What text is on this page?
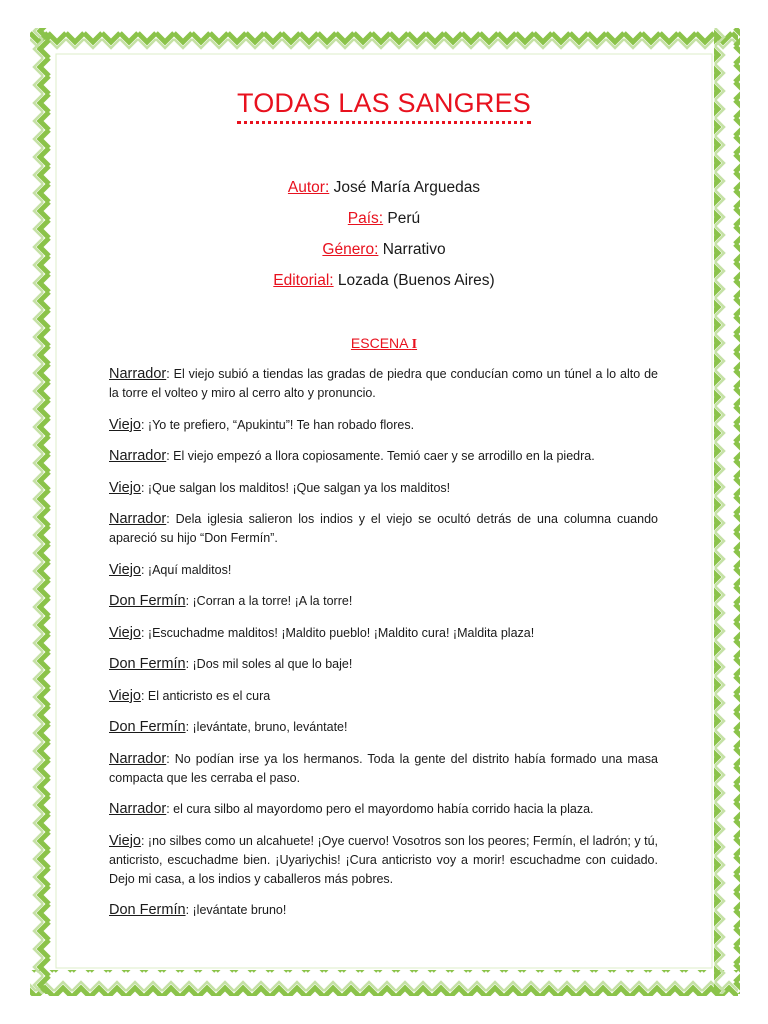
TODAS LAS SANGRES
Autor: José María Arguedas
País: Perú
Género: Narrativo
Editorial: Lozada (Buenos Aires)
ESCENA I

Narrador: El viejo subió a tiendas las gradas de piedra que conducían como un túnel a lo alto de la torre el volteo y miro al cerro alto y pronuncio.

Viejo: ¡Yo te prefiero, “Apukintu”! Te han robado flores.

Narrador: El viejo empezó a llora copiosamente. Temió caer y se arrodillo en la piedra.

Viejo: ¡Que salgan los malditos! ¡Que salgan ya los malditos!

Narrador: Dela iglesia salieron los indios y el viejo se ocultó detrás de una columna cuando apareció su hijo “Don Fermín”.

Viejo: ¡Aquí malditos!

Don Fermín: ¡Corran a la torre! ¡A la torre!

Viejo: ¡Escuchadme malditos! ¡Maldito pueblo! ¡Maldito cura! ¡Maldita plaza!

Don Fermín: ¡Dos mil soles al que lo baje!

Viejo: El anticristo es el cura

Don Fermín: ¡levántate, bruno, levántate!

Narrador: No podían irse ya los hermanos. Toda la gente del distrito había formado una masa compacta que les cerraba el paso.

Narrador: el cura silbo al mayordomo pero el mayordomo había corrido hacia la plaza.

Viejo: ¡no silbes como un alcahuete! ¡Oye cuervo! Vosotros son los peores; Fermín, el ladrón; y tú, anticristo, escuchadme bien. ¡Uyariychis! ¡Cura anticristo voy a morir! escuchadme con cuidado. Dejo mi casa, a los indios y caballeros más pobres.

Don Fermín: ¡levántate bruno!
